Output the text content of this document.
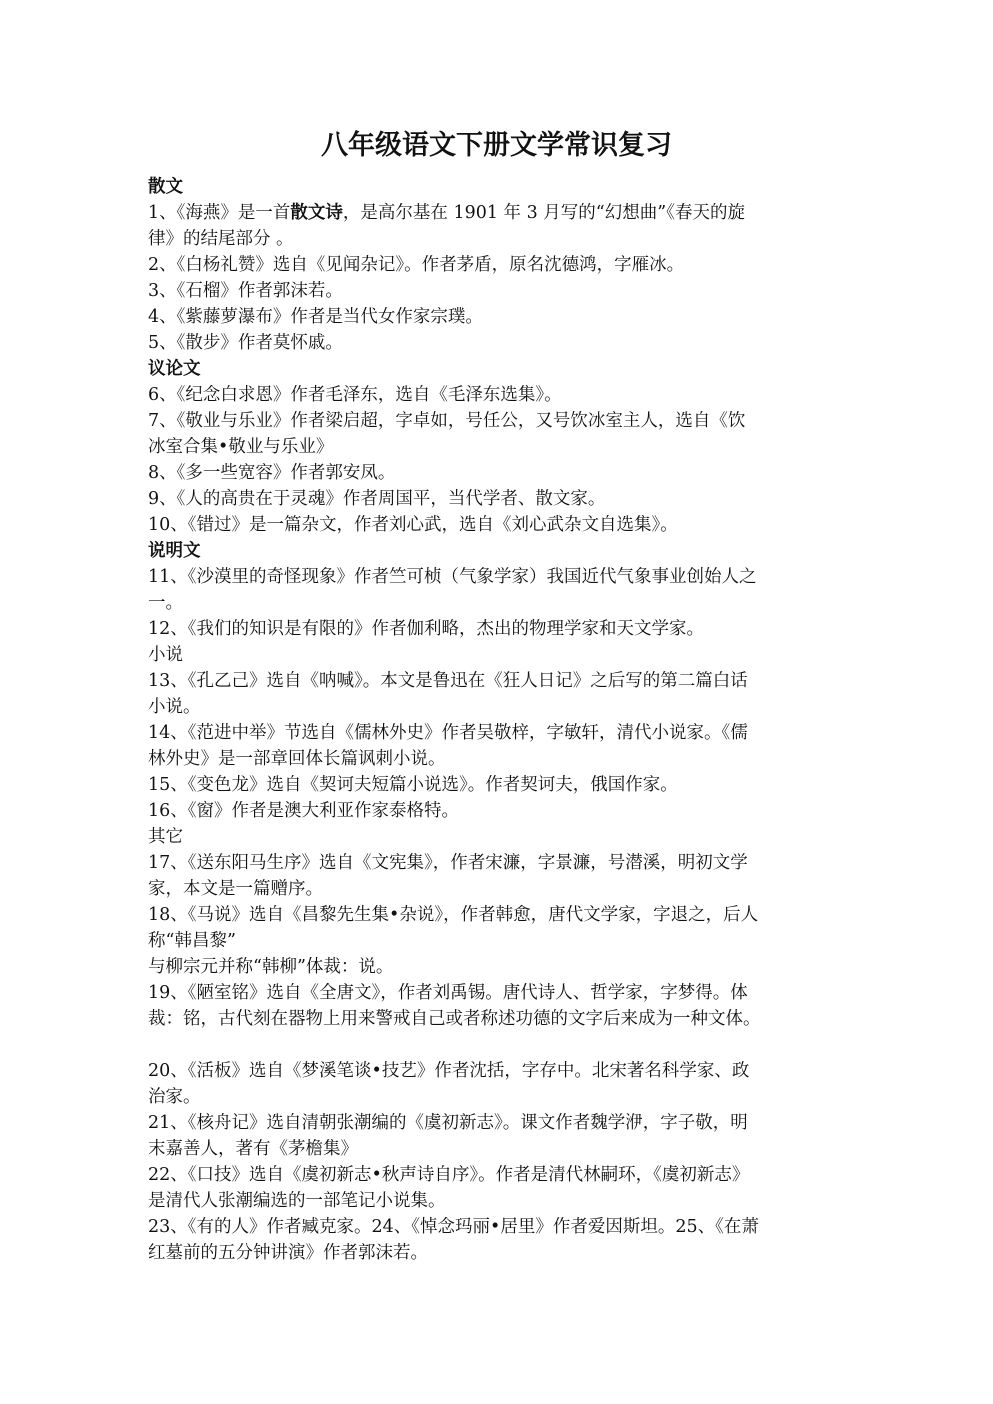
八年级语文下册文学常识复习
散文
1、《海燕》是一首散文诗，是高尔基在 1901 年 3 月写的“幻想曲”《春天的旋
律》的结尾部分 。
2、《白杨礼赞》选自《见闻杂记》。作者茅盾，原名沈德鸿，字雁冰。
3、《石榴》作者郭沫若。
4、《紫藤萝瀑布》作者是当代女作家宗璞。
5、《散步》作者莫怀戚。
议论文
6、《纪念白求恩》作者毛泽东，选自《毛泽东选集》。
7、《敬业与乐业》作者梁启超，字卓如，号任公，又号饮冰室主人，选自《饮
冰室合集•敬业与乐业》
8、《多一些宽容》作者郭安凤。
9、《人的高贵在于灵魂》作者周国平，当代学者、散文家。
10、《错过》是一篇杂文，作者刘心武，选自《刘心武杂文自选集》。
说明文
11、《沙漠里的奇怪现象》作者竺可桢（气象学家）我国近代气象事业创始人之
一。
12、《我们的知识是有限的》作者伽利略，杰出的物理学家和天文学家。
小说
13、《孔乙己》选自《呐喊》。本文是鲁迅在《狂人日记》之后写的第二篇白话
小说。
14、《范进中举》节选自《儒林外史》作者吴敬梓，字敏轩，清代小说家。《儒
林外史》是一部章回体长篇讽刺小说。
15、《变色龙》选自《契诃夫短篇小说选》。作者契诃夫，俄国作家。
16、《窗》作者是澳大利亚作家泰格特。
其它
17、《送东阳马生序》选自《文宪集》，作者宋濂，字景濂，号潜溪，明初文学
家，本文是一篇赠序。
18、《马说》选自《昌黎先生集•杂说》，作者韩愈，唐代文学家，字退之，后人
称“韩昌黎”
与柳宗元并称“韩柳”体裁：说。
19、《陋室铭》选自《全唐文》，作者刘禹锡。唐代诗人、哲学家，字梦得。体
裁：铭，古代刻在器物上用来警戒自己或者称述功德的文字后来成为一种文体。
20、《活板》选自《梦溪笔谈•技艺》作者沈括，字存中。北宋著名科学家、政
治家。
21、《核舟记》选自清朝张潮编的《虞初新志》。课文作者魏学洢，字子敬，明
末嘉善人，著有《茅檐集》
22、《口技》选自《虞初新志•秋声诗自序》。作者是清代林嗣环，《虞初新志》
是清代人张潮编选的一部笔记小说集。
23、《有的人》作者臧克家。24、《悼念玛丽•居里》作者爱因斯坦。25、《在萧
红墓前的五分钟讲演》作者郭沫若。
